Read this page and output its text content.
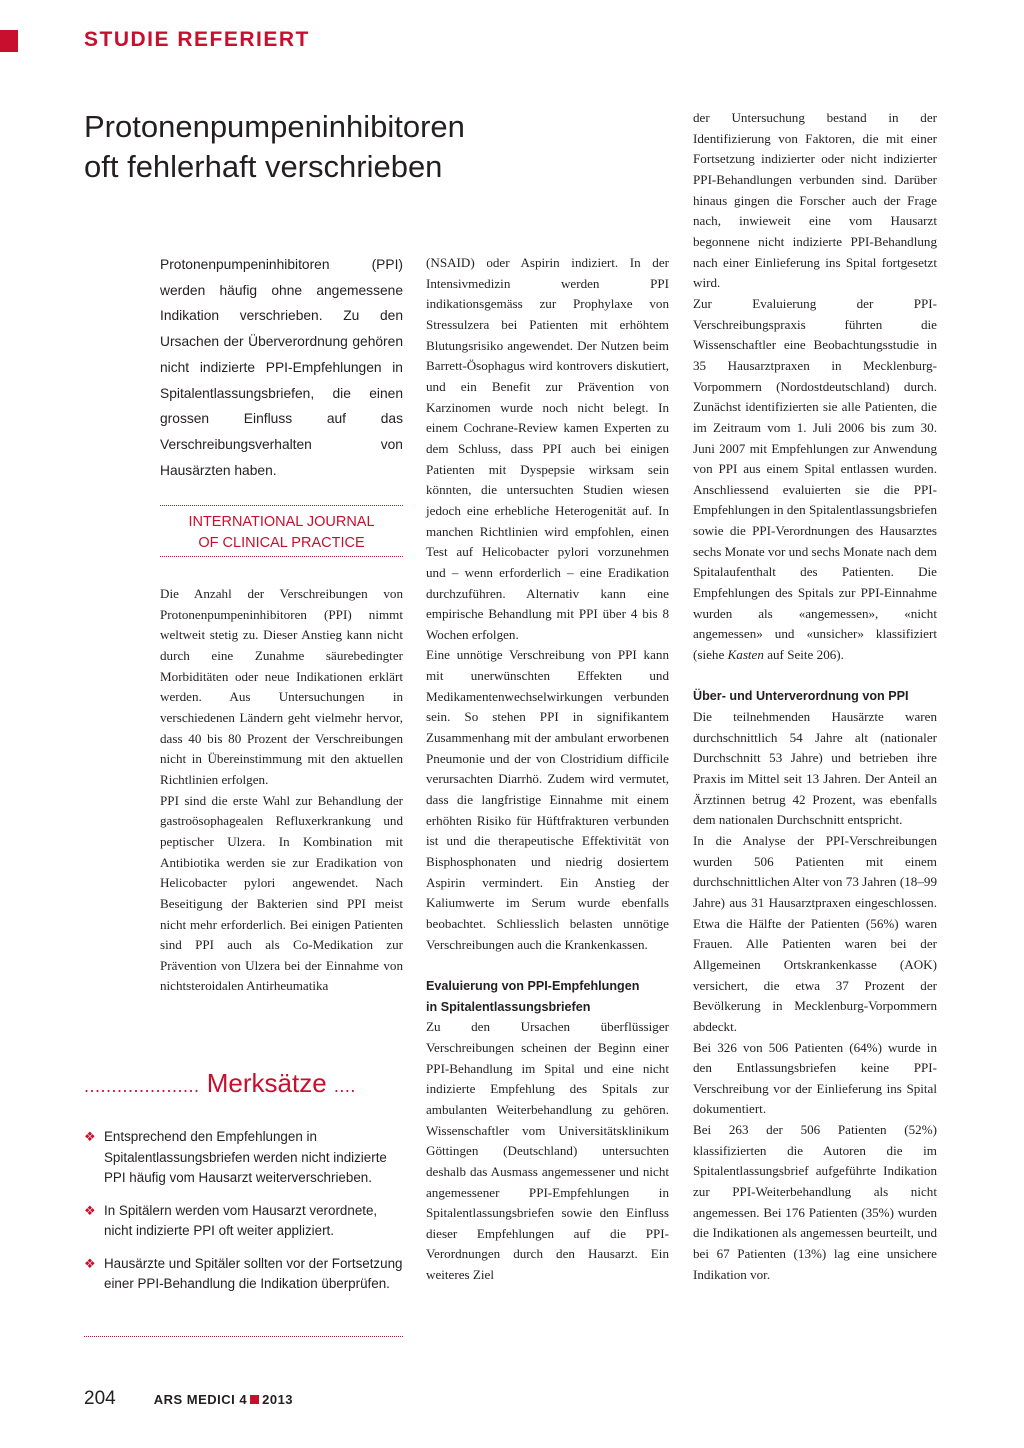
STUDIE REFERIERT
Protonenpumpeninhibitoren
oft fehlerhaft verschrieben

Protonenpumpeninhibitoren (PPI) werden häufig ohne angemessene Indikation verschrieben. Zu den Ursachen der Überverordnung gehören nicht indizierte PPI-Empfehlungen in Spitalentlassungsbriefen, die einen grossen Einfluss auf das Verschreibungsverhalten von Hausärzten haben.

INTERNATIONAL JOURNAL
OF CLINICAL PRACTICE

Die Anzahl der Verschreibungen von Protonenpumpeninhibitoren (PPI) nimmt weltweit stetig zu. Dieser Anstieg kann nicht durch eine Zunahme säurebedingter Morbiditäten oder neue Indikationen erklärt werden. Aus Untersuchungen in verschiedenen Ländern geht vielmehr hervor, dass 40 bis 80 Prozent der Verschreibungen nicht in Übereinstimmung mit den aktuellen Richtlinien erfolgen.

PPI sind die erste Wahl zur Behandlung der gastroösophagealen Refluxerkrankung und peptischer Ulzera. In Kombination mit Antibiotika werden sie zur Eradikation von Helicobacter pylori angewendet. Nach Beseitigung der Bakterien sind PPI meist nicht mehr erforderlich. Bei einigen Patienten sind PPI auch als Co-Medikation zur Prävention von Ulzera bei der Einnahme von nichtsteroidalen Antirheumatika

(NSAID) oder Aspirin indiziert. In der Intensivmedizin werden PPI indikationsgemäss zur Prophylaxe von Stressulzera bei Patienten mit erhöhtem Blutungsrisiko angewendet. Der Nutzen beim Barrett-Ösophagus wird kontrovers diskutiert, und ein Benefit zur Prävention von Karzinomen wurde noch nicht belegt. In einem Cochrane-Review kamen Experten zu dem Schluss, dass PPI auch bei einigen Patienten mit Dyspepsie wirksam sein könnten, die untersuchten Studien wiesen jedoch eine erhebliche Heterogenität auf. In manchen Richtlinien wird empfohlen, einen Test auf Helicobacter pylori vorzunehmen und – wenn erforderlich – eine Eradikation durchzuführen. Alternativ kann eine empirische Behandlung mit PPI über 4 bis 8 Wochen erfolgen.

Eine unnötige Verschreibung von PPI kann mit unerwünschten Effekten und Medikamentenwechselwirkungen verbunden sein. So stehen PPI in signifikantem Zusammenhang mit der ambulant erworbenen Pneumonie und der von Clostridium difficile verursachten Diarrhö. Zudem wird vermutet, dass die langfristige Einnahme mit einem erhöhten Risiko für Hüftfrakturen verbunden ist und die therapeutische Effektivität von Bisphosphonaten und niedrig dosiertem Aspirin vermindert. Ein Anstieg der Kaliumwerte im Serum wurde ebenfalls beobachtet. Schliesslich belasten unnötige Verschreibungen auch die Krankenkassen.

Evaluierung von PPI-Empfehlungen
in Spitalentlassungsbriefen

Zu den Ursachen überflüssiger Verschreibungen scheinen der Beginn einer PPI-Behandlung im Spital und eine nicht indizierte Empfehlung des Spitals zur ambulanten Weiterbehandlung zu gehören. Wissenschaftler vom Universitätsklinikum Göttingen (Deutschland) untersuchten deshalb das Ausmass angemessener und nicht angemessener PPI-Empfehlungen in Spitalentlassungsbriefen sowie den Einfluss dieser Empfehlungen auf die PPI-Verordnungen durch den Hausarzt. Ein weiteres Ziel

der Untersuchung bestand in der Identifizierung von Faktoren, die mit einer Fortsetzung indizierter oder nicht indizierter PPI-Behandlungen verbunden sind. Darüber hinaus gingen die Forscher auch der Frage nach, inwieweit eine vom Hausarzt begonnene nicht indizierte PPI-Behandlung nach einer Einlieferung ins Spital fortgesetzt wird.

Zur Evaluierung der PPI-Verschreibungspraxis führten die Wissenschaftler eine Beobachtungsstudie in 35 Hausarztpraxen in Mecklenburg-Vorpommern (Nordostdeutschland) durch. Zunächst identifizierten sie alle Patienten, die im Zeitraum vom 1. Juli 2006 bis zum 30. Juni 2007 mit Empfehlungen zur Anwendung von PPI aus einem Spital entlassen wurden. Anschliessend evaluierten sie die PPI-Empfehlungen in den Spitalentlassungsbriefen sowie die PPI-Verordnungen des Hausarztes sechs Monate vor und sechs Monate nach dem Spitalaufenthalt des Patienten. Die Empfehlungen des Spitals zur PPI-Einnahme wurden als «angemessen», «nicht angemessen» und «unsicher» klassifiziert (siehe Kasten auf Seite 206).

Über- und Unterverordnung von PPI

Die teilnehmenden Hausärzte waren durchschnittlich 54 Jahre alt (nationaler Durchschnitt 53 Jahre) und betrieben ihre Praxis im Mittel seit 13 Jahren. Der Anteil an Ärztinnen betrug 42 Prozent, was ebenfalls dem nationalen Durchschnitt entspricht.

In die Analyse der PPI-Verschreibungen wurden 506 Patienten mit einem durchschnittlichen Alter von 73 Jahren (18–99 Jahre) aus 31 Hausarztpraxen eingeschlossen. Etwa die Hälfte der Patienten (56%) waren Frauen. Alle Patienten waren bei der Allgemeinen Ortskrankenkasse (AOK) versichert, die etwa 37 Prozent der Bevölkerung in Mecklenburg-Vorpommern abdeckt.

Bei 326 von 506 Patienten (64%) wurde in den Entlassungsbriefen keine PPI-Verschreibung vor der Einlieferung ins Spital dokumentiert.

Bei 263 der 506 Patienten (52%) klassifizierten die Autoren die im Spitalentlassungsbrief aufgeführte Indikation zur PPI-Weiterbehandlung als nicht angemessen. Bei 176 Patienten (35%) wurden die Indikationen als angemessen beurteilt, und bei 67 Patienten (13%) lag eine unsichere Indikation vor.

..................... Merksätze ....
❖ Entsprechend den Empfehlungen in Spitalentlassungsbriefen werden nicht indizierte PPI häufig vom Hausarzt weiterverschrieben.
❖ In Spitälern werden vom Hausarzt verordnete, nicht indizierte PPI oft weiter appliziert.
❖ Hausärzte und Spitäler sollten vor der Fortsetzung einer PPI-Behandlung die Indikation überprüfen.
204	ARS MEDICI 4 2013
